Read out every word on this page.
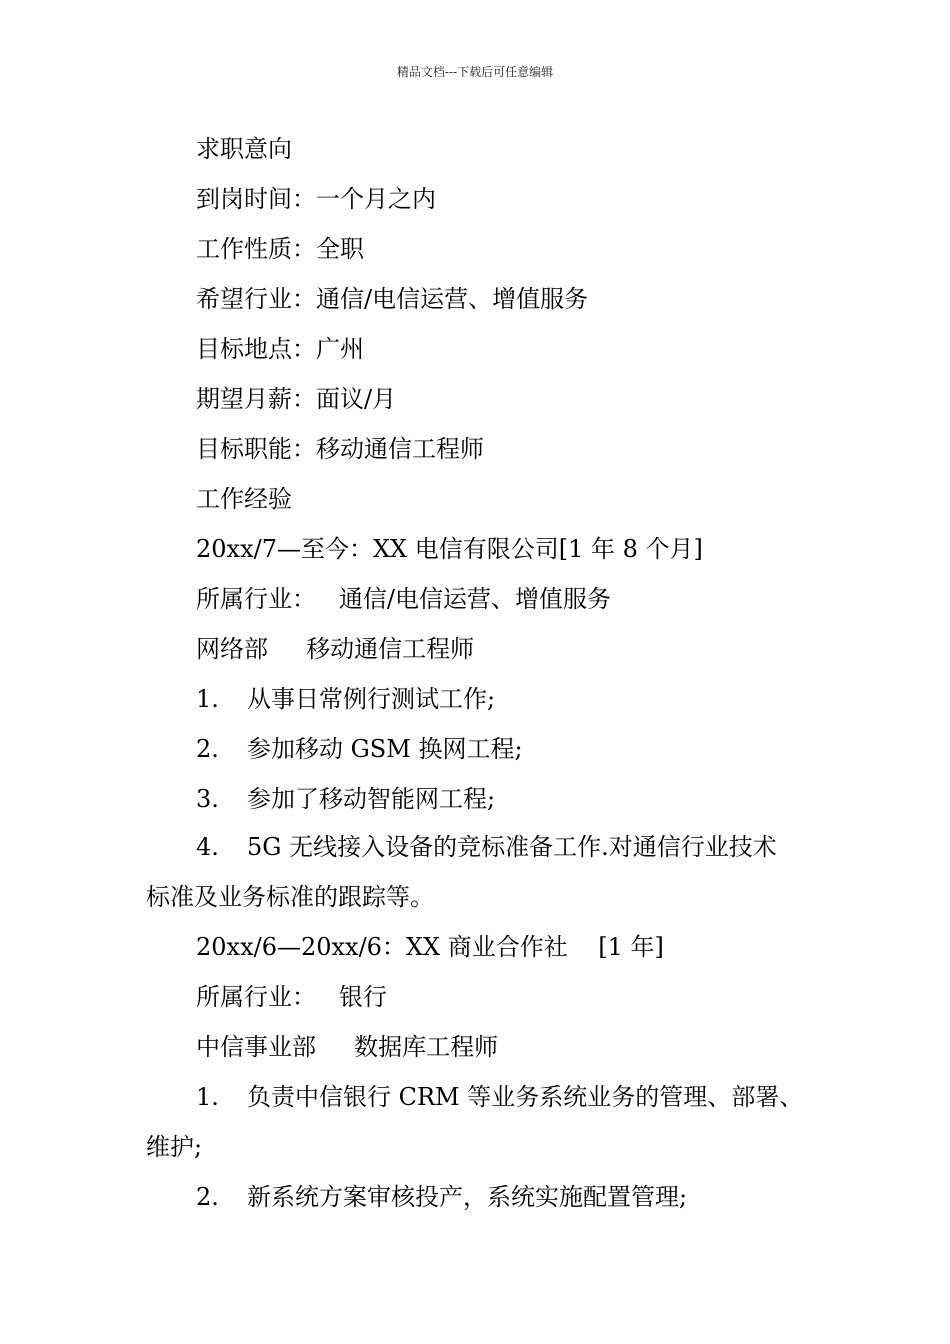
精品文档---下载后可任意编辑
求职意向
到岗时间：一个月之内
工作性质：全职
希望行业：通信/电信运营、增值服务
目标地点：广州
期望月薪：面议/月
目标职能：移动通信工程师
工作经验
20xx/7—至今：XX 电信有限公司[1 年 8 个月]
所属行业：   通信/电信运营、增值服务
网络部     移动通信工程师
1. 从事日常例行测试工作;
2. 参加移动 GSM 换网工程;
3. 参加了移动智能网工程;
4. 5G 无线接入设备的竞标准备工作.对通信行业技术
标准及业务标准的跟踪等。
20xx/6—20xx/6：XX 商业合作社    [1 年]
所属行业：   银行
中信事业部     数据库工程师
1. 负责中信银行 CRM 等业务系统业务的管理、部署、
维护;
2. 新系统方案审核投产，系统实施配置管理;
